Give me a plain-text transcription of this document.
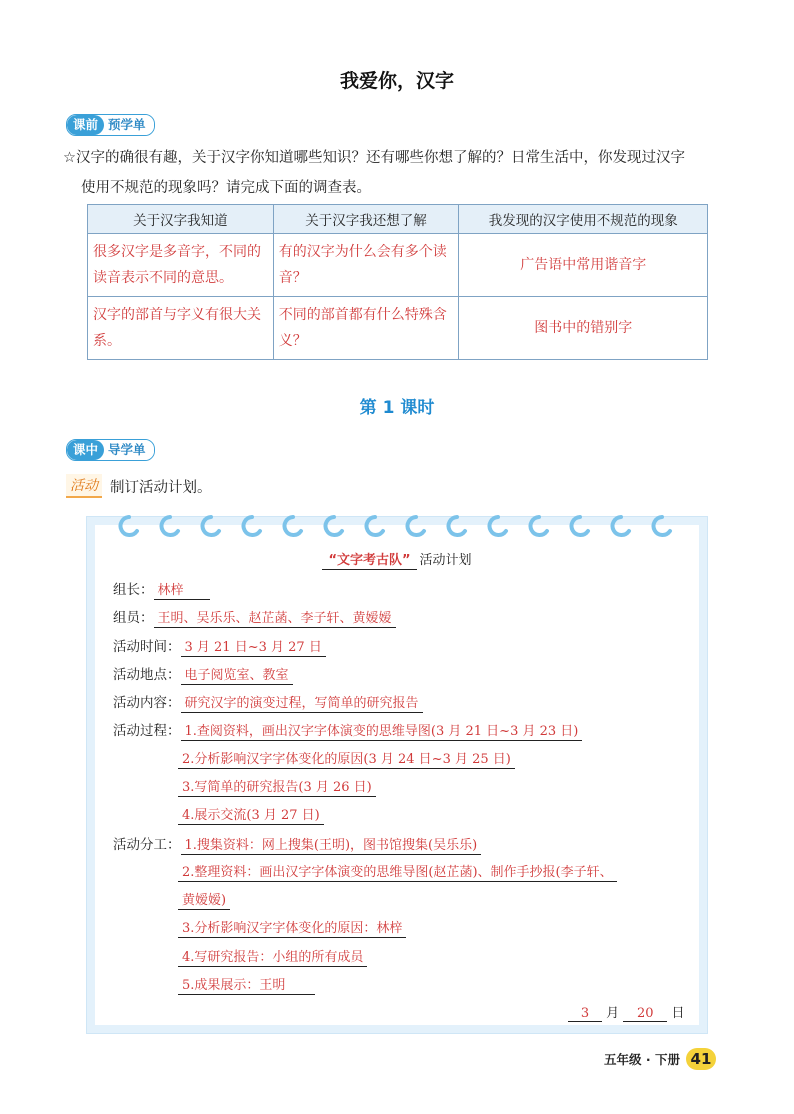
我爱你，汉字
课前 预学单
☆汉字的确很有趣，关于汉字你知道哪些知识？还有哪些你想了解的？日常生活中，你发现过汉字
使用不规范的现象吗？请完成下面的调查表。
关于汉字我知道	关于汉字我还想了解	我发现的汉字使用不规范的现象
很多汉字是多音字，不同的读音表示不同的意思。	有的汉字为什么会有多个读音？	广告语中常用谐音字
汉字的部首与字义有很大关系。	不同的部首都有什么特殊含义？	图书中的错别字
第 1 课时
课中 导学单
活动 制订活动计划。
“文字考古队” 活动计划
组长： 林梓
组员： 王明、吴乐乐、赵芷菡、李子轩、黄嫒嫒
活动时间： 3 月 21 日~3 月 27 日
活动地点： 电子阅览室、教室
活动内容： 研究汉字的演变过程，写简单的研究报告
活动过程： 1.查阅资料，画出汉字字体演变的思维导图(3 月 21 日~3 月 23 日)
2.分析影响汉字字体变化的原因(3 月 24 日~3 月 25 日)
3.写简单的研究报告(3 月 26 日)
4.展示交流(3 月 27 日)
活动分工： 1.搜集资料：网上搜集(王明)，图书馆搜集(吴乐乐)
2.整理资料：画出汉字字体演变的思维导图(赵芷菡)、制作手抄报(李子轩、
黄嫒嫒)
3.分析影响汉字字体变化的原因：林梓
4.写研究报告：小组的所有成员
5.成果展示：王明
3 月 20 日
五年级 · 下册 41
